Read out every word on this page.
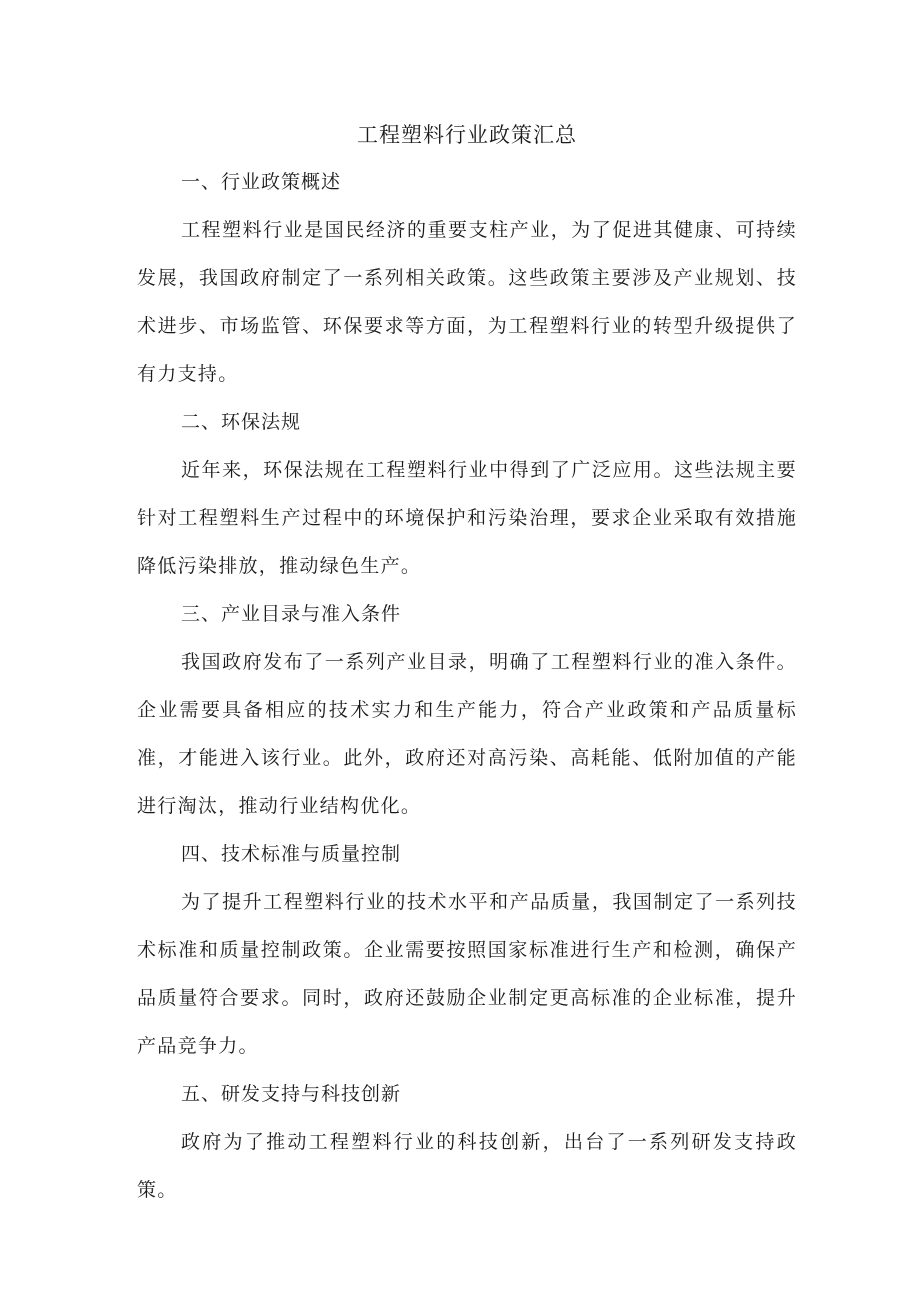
工程塑料行业政策汇总
一、行业政策概述

工程塑料行业是国民经济的重要支柱产业，为了促进其健康、可持续发展，我国政府制定了一系列相关政策。这些政策主要涉及产业规划、技术进步、市场监管、环保要求等方面，为工程塑料行业的转型升级提供了有力支持。

二、环保法规

近年来，环保法规在工程塑料行业中得到了广泛应用。这些法规主要针对工程塑料生产过程中的环境保护和污染治理，要求企业采取有效措施降低污染排放，推动绿色生产。

三、产业目录与准入条件

我国政府发布了一系列产业目录，明确了工程塑料行业的准入条件。企业需要具备相应的技术实力和生产能力，符合产业政策和产品质量标准，才能进入该行业。此外，政府还对高污染、高耗能、低附加值的产能进行淘汰，推动行业结构优化。

四、技术标准与质量控制

为了提升工程塑料行业的技术水平和产品质量，我国制定了一系列技术标准和质量控制政策。企业需要按照国家标准进行生产和检测，确保产品质量符合要求。同时，政府还鼓励企业制定更高标准的企业标准，提升产品竞争力。

五、研发支持与科技创新

政府为了推动工程塑料行业的科技创新，出台了一系列研发支持政策。
